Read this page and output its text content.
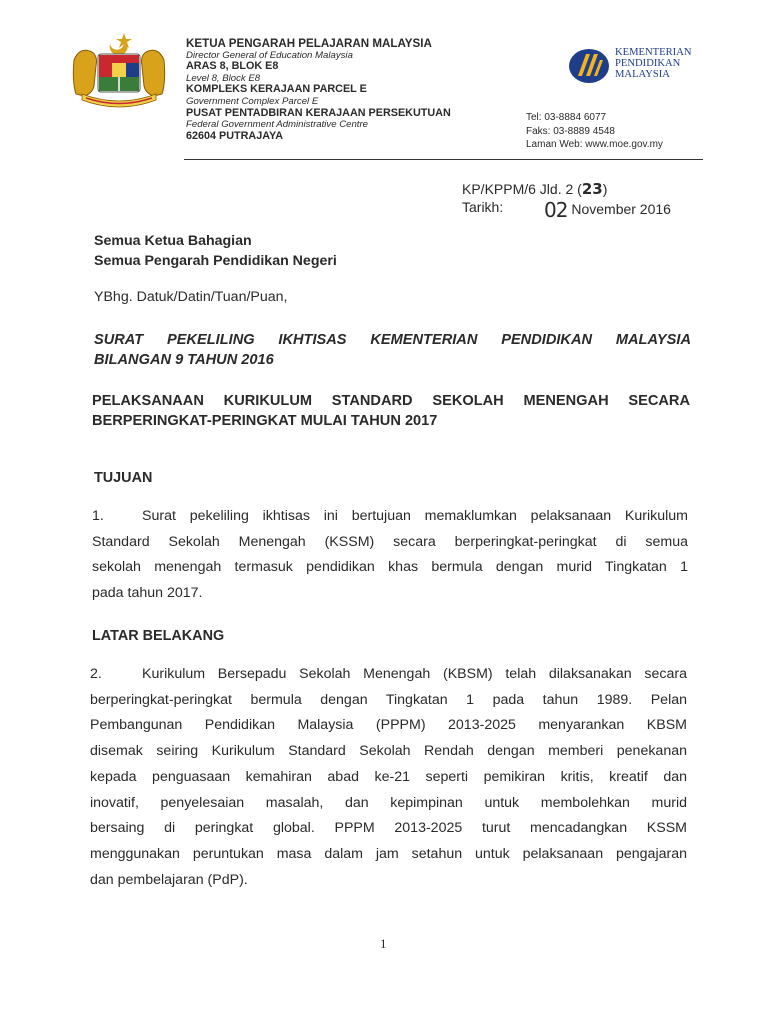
KETUA PENGARAH PELAJARAN MALAYSIA
Director General of Education Malaysia
ARAS 8, BLOK E8
Level 8, Block E8
KOMPLEKS KERAJAAN PARCEL E
Government Complex Parcel E
PUSAT PENTADBIRAN KERAJAAN PERSEKUTUAN
Federal Government Administrative Centre
62604 PUTRAJAYA
KEMENTERIAN
PENDIDIKAN
MALAYSIA
Tel: 03-8884 6077
Faks: 03-8889 4548
Laman Web: www.moe.gov.my
KP/KPPM/6 Jld. 2 (23)
Tarikh:	02 November 2016
Semua Ketua Bahagian
Semua Pengarah Pendidikan Negeri
YBhg. Datuk/Datin/Tuan/Puan,
SURAT PEKELILING IKHTISAS KEMENTERIAN PENDIDIKAN MALAYSIA
BILANGAN 9 TAHUN 2016
PELAKSANAAN KURIKULUM STANDARD SEKOLAH MENENGAH SECARA
BERPERINGKAT-PERINGKAT MULAI TAHUN 2017
TUJUAN
1.	Surat pekeliling ikhtisas ini bertujuan memaklumkan pelaksanaan Kurikulum
Standard Sekolah Menengah (KSSM) secara berperingkat-peringkat di semua
sekolah menengah termasuk pendidikan khas bermula dengan murid Tingkatan 1
pada tahun 2017.
LATAR BELAKANG
2.	Kurikulum Bersepadu Sekolah Menengah (KBSM) telah dilaksanakan secara
berperingkat-peringkat bermula dengan Tingkatan 1 pada tahun 1989. Pelan
Pembangunan Pendidikan Malaysia (PPPM) 2013-2025 menyarankan KBSM
disemak seiring Kurikulum Standard Sekolah Rendah dengan memberi penekanan
kepada penguasaan kemahiran abad ke-21 seperti pemikiran kritis, kreatif dan
inovatif, penyelesaian masalah, dan kepimpinan untuk membolehkan murid
bersaing di peringkat global. PPPM 2013-2025 turut mencadangkan KSSM
menggunakan peruntukan masa dalam jam setahun untuk pelaksanaan pengajaran
dan pembelajaran (PdP).
1
